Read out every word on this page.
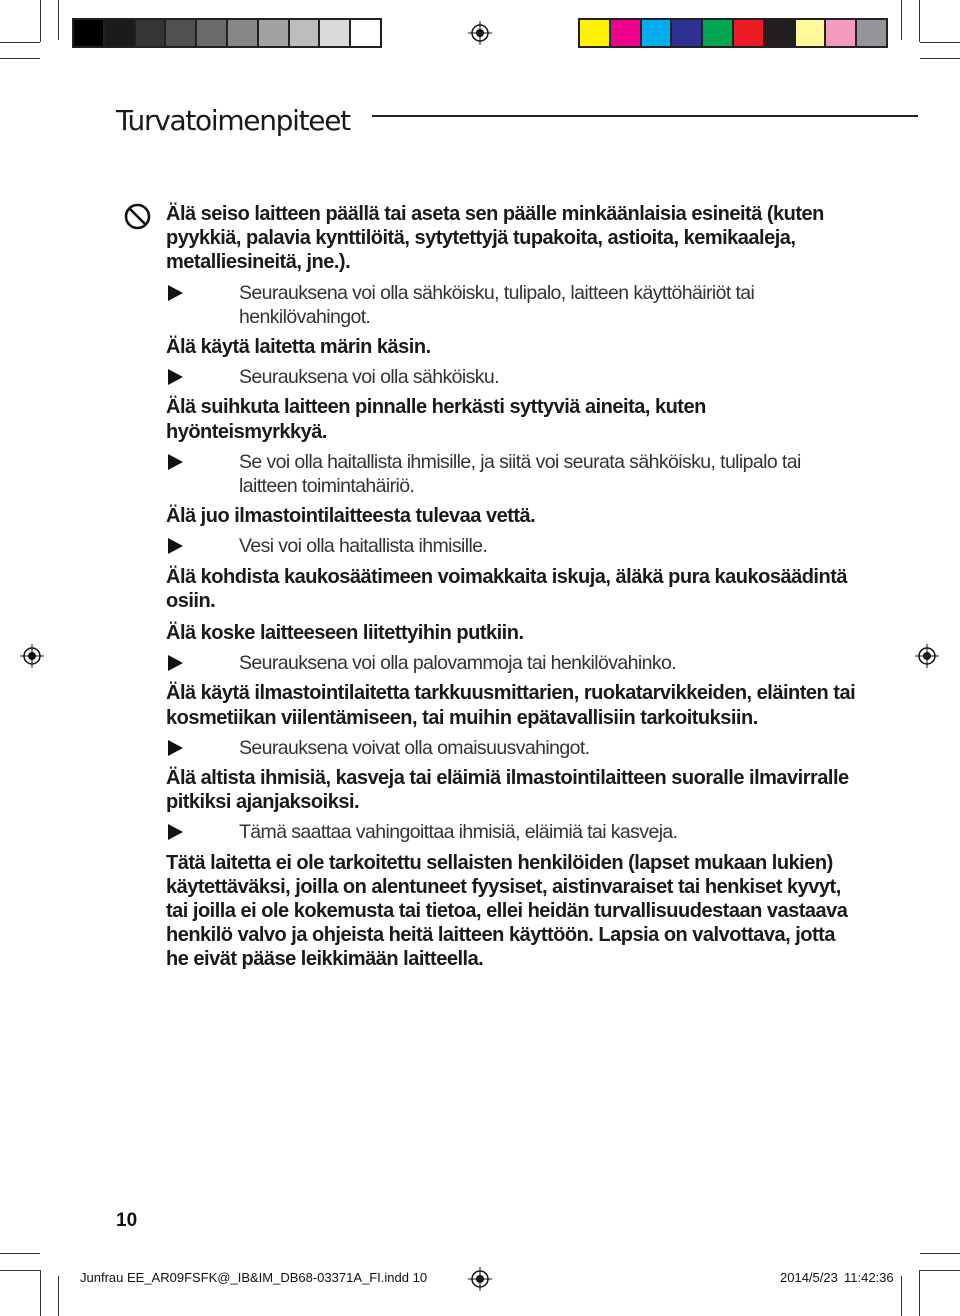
Turvatoimenpiteet

Älä seiso laitteen päällä tai aseta sen päälle minkäänlaisia esineitä (kuten pyykkiä, palavia kynttilöitä, sytytettyjä tupakoita, astioita, kemikaaleja, metalliesineitä, jne.).

Seurauksena voi olla sähköisku, tulipalo, laitteen käyttöhäiriöt tai henkilövahingot.

Älä käytä laitetta märin käsin.

Seurauksena voi olla sähköisku.

Älä suihkuta laitteen pinnalle herkästi syttyviä aineita, kuten hyönteismyrkkyä.

Se voi olla haitallista ihmisille, ja siitä voi seurata sähköisku, tulipalo tai laitteen toimintahäiriö.

Älä juo ilmastointilaitteesta tulevaa vettä.

Vesi voi olla haitallista ihmisille.

Älä kohdista kaukosäätimeen voimakkaita iskuja, äläkä pura kaukosäädintä osiin.

Älä koske laitteeseen liitettyihin putkiin.

Seurauksena voi olla palovammoja tai henkilövahinko.

Älä käytä ilmastointilaitetta tarkkuusmittarien, ruokatarvikkeiden, eläinten tai kosmetiikan viilentämiseen, tai muihin epätavallisiin tarkoituksiin.

Seurauksena voivat olla omaisuusvahingot.

Älä altista ihmisiä, kasveja tai eläimiä ilmastointilaitteen suoralle ilmavirralle pitkiksi ajanjaksoiksi.

Tämä saattaa vahingoittaa ihmisiä, eläimiä tai kasveja.

Tätä laitetta ei ole tarkoitettu sellaisten henkilöiden (lapset mukaan lukien) käytettäväksi, joilla on alentuneet fyysiset, aistinvaraiset tai henkiset kyvyt, tai joilla ei ole kokemusta tai tietoa, ellei heidän turvallisuudestaan vastaava henkilö valvo ja ohjeista heitä laitteen käyttöön. Lapsia on valvottava, jotta he eivät pääse leikkimään laitteella.

10
Junfrau EE_AR09FSFK@_IB&IM_DB68-03371A_FI.indd 10	2014/5/23 11:42:36
